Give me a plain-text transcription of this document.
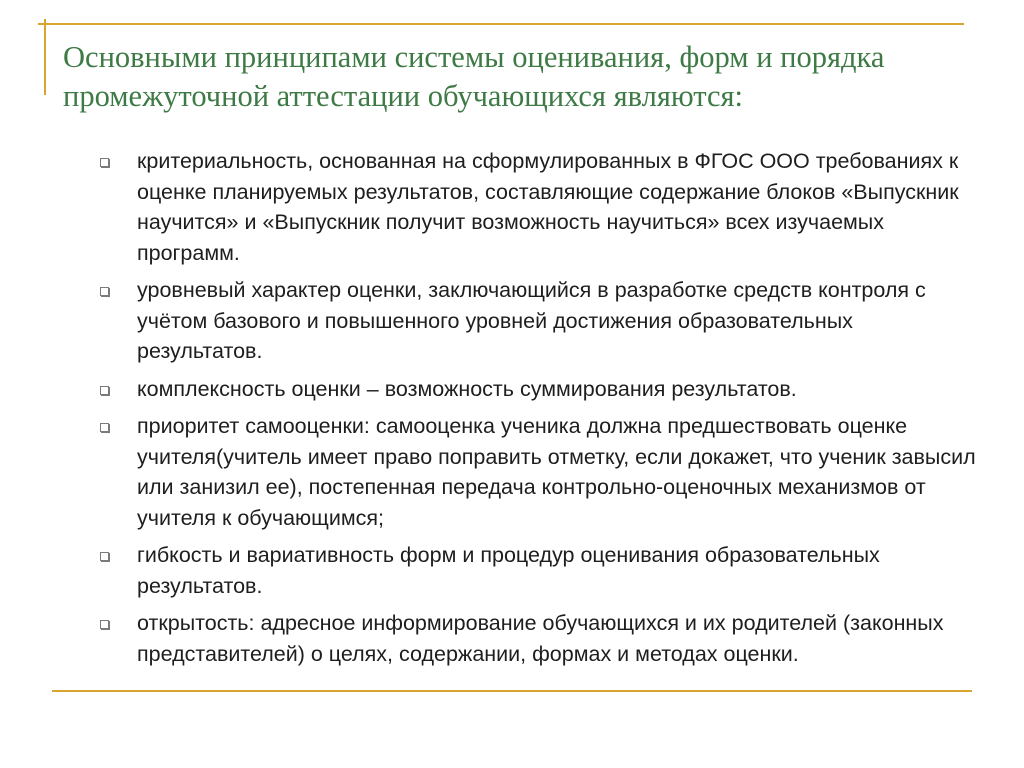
Основными принципами системы оценивания, форм и порядка промежуточной аттестации обучающихся являются:
критериальность, основанная на сформулированных в ФГОС ООО требованиях к оценке планируемых результатов, составляющие содержание блоков «Выпускник научится» и «Выпускник получит возможность научиться» всех изучаемых программ.
уровневый характер оценки, заключающийся в разработке средств контроля с учётом базового и повышенного уровней достижения образовательных результатов.
комплексность оценки – возможность суммирования результатов.
приоритет самооценки: самооценка ученика должна предшествовать оценке учителя(учитель имеет право поправить отметку, если докажет, что ученик завысил или занизил ее), постепенная передача контрольно-оценочных механизмов от учителя к обучающимся;
гибкость и вариативность форм и процедур оценивания образовательных результатов.
открытость: адресное информирование обучающихся и их родителей (законных представителей) о целях, содержании, формах и методах оценки.
